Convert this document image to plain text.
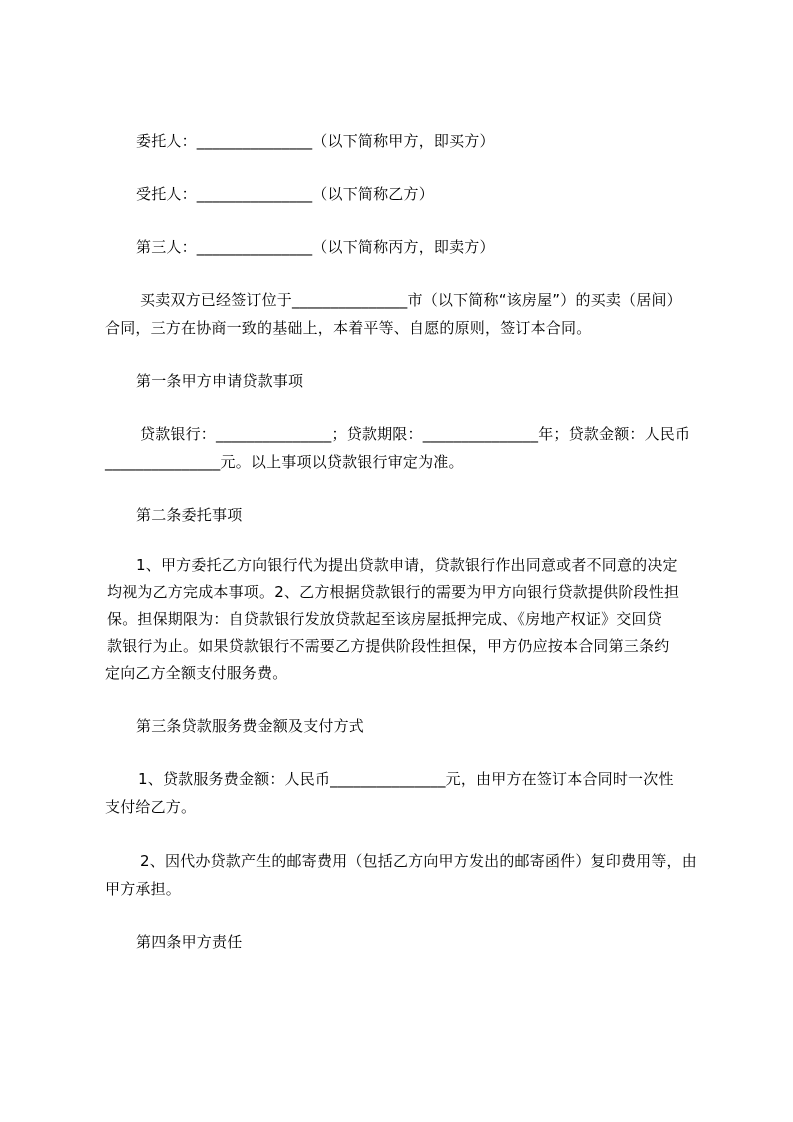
委托人：_______________（以下简称甲方，即买方）
受托人：_______________（以下简称乙方）
第三人：_______________（以下简称丙方，即卖方）
买卖双方已经签订位于_______________市（以下简称“该房屋”）的买卖（居间）
合同，三方在协商一致的基础上，本着平等、自愿的原则，签订本合同。
第一条甲方申请贷款事项
贷款银行：_______________；贷款期限：_______________年；贷款金额：人民币
_______________元。以上事项以贷款银行审定为准。
第二条委托事项
1、甲方委托乙方向银行代为提出贷款申请，贷款银行作出同意或者不同意的决定
均视为乙方完成本事项。2、乙方根据贷款银行的需要为甲方向银行贷款提供阶段性担
保。担保期限为：自贷款银行发放贷款起至该房屋抵押完成、《房地产权证》交回贷
款银行为止。如果贷款银行不需要乙方提供阶段性担保，甲方仍应按本合同第三条约
定向乙方全额支付服务费。
第三条贷款服务费金额及支付方式
1、贷款服务费金额：人民币_______________元，由甲方在签订本合同时一次性
支付给乙方。
2、因代办贷款产生的邮寄费用（包括乙方向甲方发出的邮寄函件）复印费用等，由
甲方承担。
第四条甲方责任
